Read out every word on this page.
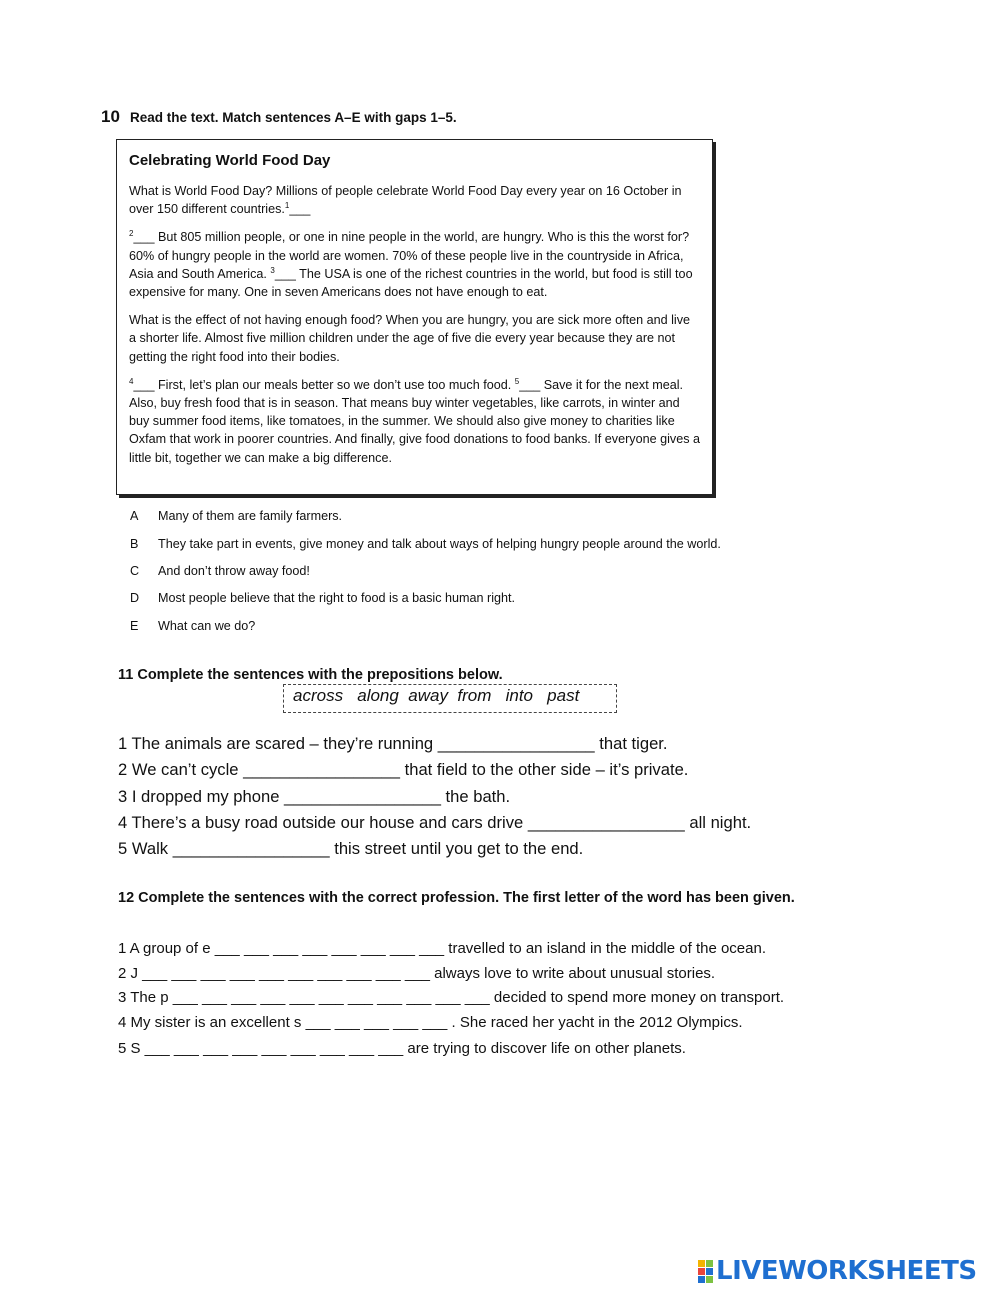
10 Read the text. Match sentences A–E with gaps 1–5.
Celebrating World Food Day

What is World Food Day? Millions of people celebrate World Food Day every year on 16 October in over 150 different countries.$^1$___

$^2$___ But 805 million people, or one in nine people in the world, are hungry. Who is this the worst for? 60% of hungry people in the world are women. 70% of these people live in the countryside in Africa, Asia and South America. $^3$___ The USA is one of the richest countries in the world, but food is still too expensive for many. One in seven Americans does not have enough to eat.

What is the effect of not having enough food? When you are hungry, you are sick more often and live a shorter life. Almost five million children under the age of five die every year because they are not getting the right food into their bodies.

$^4$___ First, let’s plan our meals better so we don’t use too much food. $^5$___ Save it for the next meal. Also, buy fresh food that is in season. That means buy winter vegetables, like carrots, in winter and buy summer food items, like tomatoes, in the summer. We should also give money to charities like Oxfam that work in poorer countries. And finally, give food donations to food banks. If everyone gives a little bit, together we can make a big difference.

A Many of them are family farmers.
B They take part in events, give money and talk about ways of helping hungry people around the world.
C And don’t throw away food!
D Most people believe that the right to food is a basic human right.
E What can we do?
11 Complete the sentences with the prepositions below.
across   along  away  from   into   past
1 The animals are scared – they’re running _________________ that tiger.
2 We can’t cycle _________________ that field to the other side – it’s private.
3 I dropped my phone _________________ the bath.
4 There’s a busy road outside our house and cars drive _________________ all night.
5 Walk _________________ this street until you get to the end.
12 Complete the sentences with the correct profession. The first letter of the word has been given.
1 A group of e ___ ___ ___ ___ ___ ___ ___ ___ travelled to an island in the middle of the ocean.
2 J ___ ___ ___ ___ ___ ___ ___ ___ ___ ___ always love to write about unusual stories.
3 The p ___ ___ ___ ___ ___ ___ ___ ___ ___ ___ ___ decided to spend more money on transport.
4 My sister is an excellent s ___ ___ ___ ___ ___ . She raced her yacht in the 2012 Olympics.
5 S ___ ___ ___ ___ ___ ___ ___ ___ ___ are trying to discover life on other planets.
LIVEWORKSHEETS
